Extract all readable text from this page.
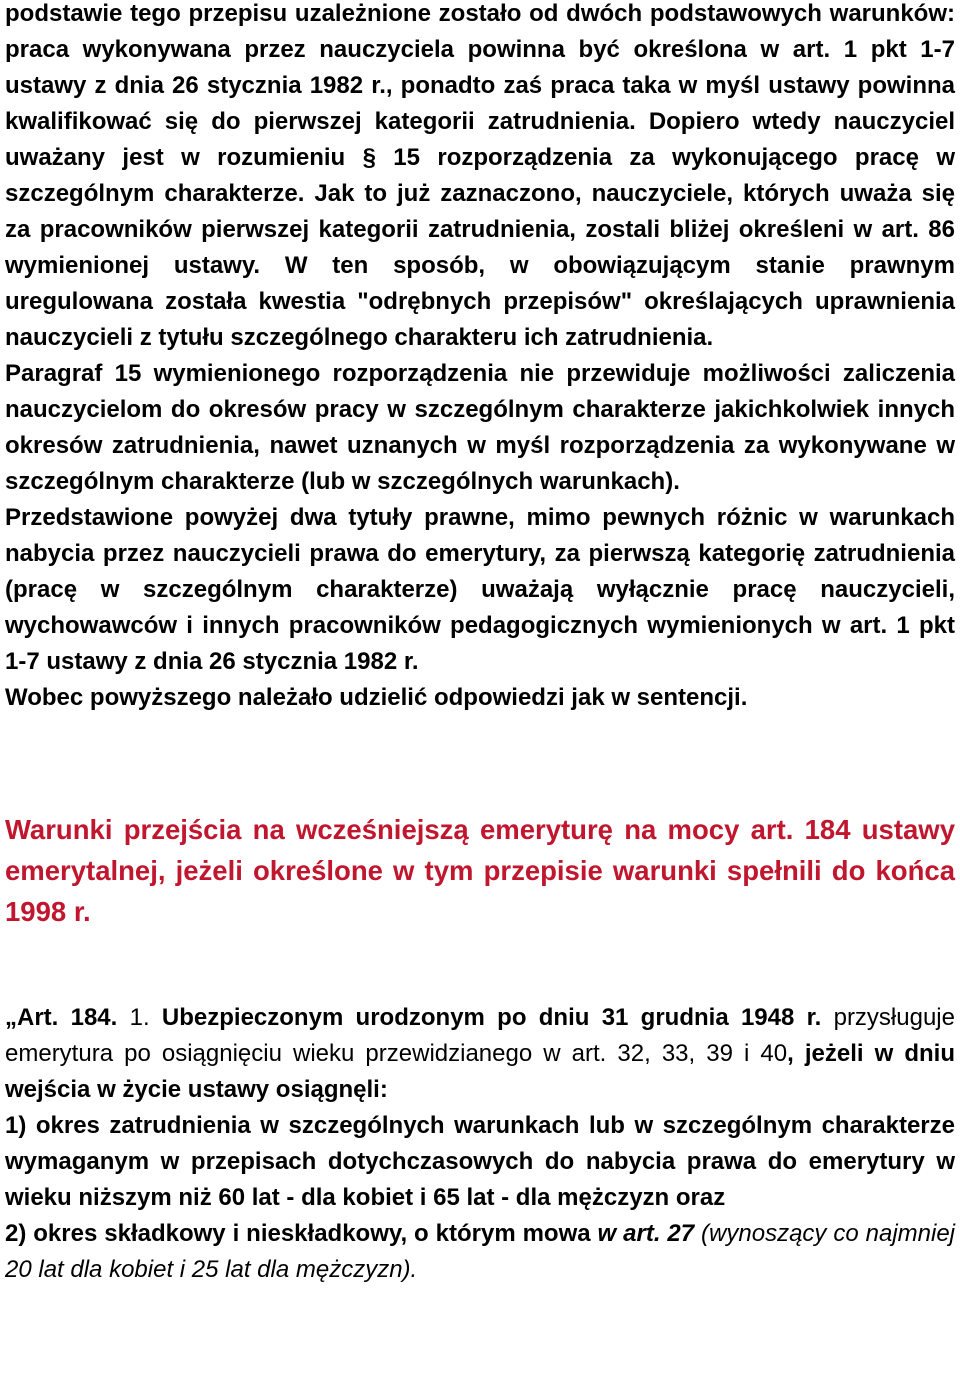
podstawie tego przepisu uzależnione zostało od dwóch podstawowych warunków: praca wykonywana przez nauczyciela powinna być określona w art. 1 pkt 1-7 ustawy z dnia 26 stycznia 1982 r., ponadto zaś praca taka w myśl ustawy powinna kwalifikować się do pierwszej kategorii zatrudnienia. Dopiero wtedy nauczyciel uważany jest w rozumieniu § 15 rozporządzenia za wykonującego pracę w szczególnym charakterze. Jak to już zaznaczono, nauczyciele, których uważa się za pracowników pierwszej kategorii zatrudnienia, zostali bliżej określeni w art. 86 wymienionej ustawy. W ten sposób, w obowiązującym stanie prawnym uregulowana została kwestia "odrębnych przepisów" określających uprawnienia nauczycieli z tytułu szczególnego charakteru ich zatrudnienia.

Paragraf 15 wymienionego rozporządzenia nie przewiduje możliwości zaliczenia nauczycielom do okresów pracy w szczególnym charakterze jakichkolwiek innych okresów zatrudnienia, nawet uznanych w myśl rozporządzenia za wykonywane w szczególnym charakterze (lub w szczególnych warunkach).

Przedstawione powyżej dwa tytuły prawne, mimo pewnych różnic w warunkach nabycia przez nauczycieli prawa do emerytury, za pierwszą kategorię zatrudnienia (pracę w szczególnym charakterze) uważają wyłącznie pracę nauczycieli, wychowawców i innych pracowników pedagogicznych wymienionych w art. 1 pkt 1-7 ustawy z dnia 26 stycznia 1982 r.

Wobec powyższego należało udzielić odpowiedzi jak w sentencji.

Warunki przejścia na wcześniejszą emeryturę na mocy art. 184 ustawy emerytalnej, jeżeli określone w tym przepisie warunki spełnili do końca 1998 r.

„Art. 184. 1. Ubezpieczonym urodzonym po dniu 31 grudnia 1948 r. przysługuje emerytura po osiągnięciu wieku przewidzianego w art. 32, 33, 39 i 40, jeżeli w dniu wejścia w życie ustawy osiągnęli:

1) okres zatrudnienia w szczególnych warunkach lub w szczególnym charakterze wymaganym w przepisach dotychczasowych do nabycia prawa do emerytury w wieku niższym niż 60 lat - dla kobiet i 65 lat - dla mężczyzn oraz

2) okres składkowy i nieskładkowy, o którym mowa w art. 27 (wynoszący co najmniej 20 lat dla kobiet i 25 lat dla mężczyzn).
